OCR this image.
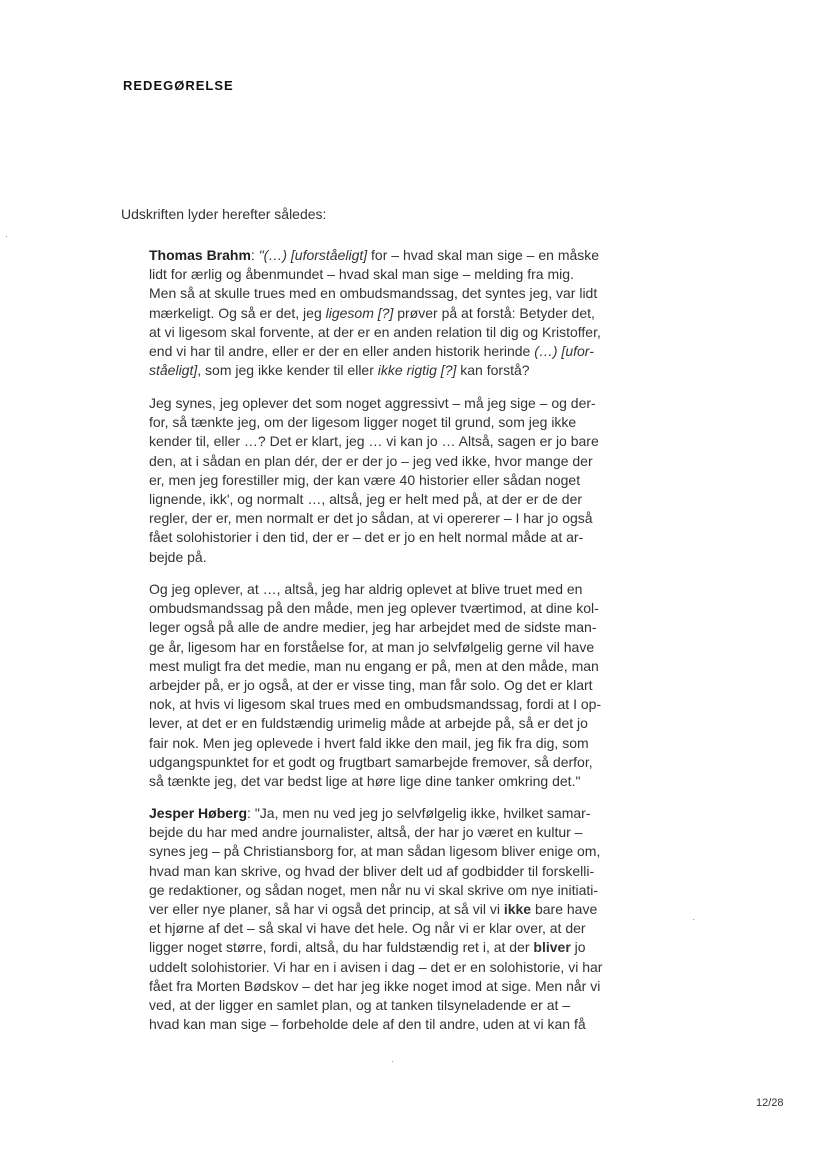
REDEGØRELSE
Udskriften lyder herefter således:
Thomas Brahm: "(…) [uforståeligt] for – hvad skal man sige – en måske
lidt for ærlig og åbenmundet – hvad skal man sige – melding fra mig.
Men så at skulle trues med en ombudsmandssag, det syntes jeg, var lidt
mærkeligt. Og så er det, jeg ligesom [?] prøver på at forstå: Betyder det,
at vi ligesom skal forvente, at der er en anden relation til dig og Kristoffer,
end vi har til andre, eller er der en eller anden historik herinde (…) [ufor-
ståeligt], som jeg ikke kender til eller ikke rigtig [?] kan forstå?
Jeg synes, jeg oplever det som noget aggressivt – må jeg sige – og der-
for, så tænkte jeg, om der ligesom ligger noget til grund, som jeg ikke
kender til, eller …? Det er klart, jeg … vi kan jo … Altså, sagen er jo bare
den, at i sådan en plan dér, der er der jo – jeg ved ikke, hvor mange der
er, men jeg forestiller mig, der kan være 40 historier eller sådan noget
lignende, ikk', og normalt …, altså, jeg er helt med på, at der er de der
regler, der er, men normalt er det jo sådan, at vi opererer – I har jo også
fået solohistorier i den tid, der er – det er jo en helt normal måde at ar-
bejde på.
Og jeg oplever, at …, altså, jeg har aldrig oplevet at blive truet med en
ombudsmandssag på den måde, men jeg oplever tværtimod, at dine kol-
leger også på alle de andre medier, jeg har arbejdet med de sidste man-
ge år, ligesom har en forståelse for, at man jo selvfølgelig gerne vil have
mest muligt fra det medie, man nu engang er på, men at den måde, man
arbejder på, er jo også, at der er visse ting, man får solo. Og det er klart
nok, at hvis vi ligesom skal trues med en ombudsmandssag, fordi at I op-
lever, at det er en fuldstændig urimelig måde at arbejde på, så er det jo
fair nok. Men jeg oplevede i hvert fald ikke den mail, jeg fik fra dig, som
udgangspunktet for et godt og frugtbart samarbejde fremover, så derfor,
så tænkte jeg, det var bedst lige at høre lige dine tanker omkring det."
Jesper Høberg: "Ja, men nu ved jeg jo selvfølgelig ikke, hvilket samar-
bejde du har med andre journalister, altså, der har jo været en kultur –
synes jeg – på Christiansborg for, at man sådan ligesom bliver enige om,
hvad man kan skrive, og hvad der bliver delt ud af godbidder til forskelli-
ge redaktioner, og sådan noget, men når nu vi skal skrive om nye initiati-
ver eller nye planer, så har vi også det princip, at så vil vi ikke bare have
et hjørne af det – så skal vi have det hele. Og når vi er klar over, at der
ligger noget større, fordi, altså, du har fuldstændig ret i, at der bliver jo
uddelt solohistorier. Vi har en i avisen i dag – det er en solohistorie, vi har
fået fra Morten Bødskov – det har jeg ikke noget imod at sige. Men når vi
ved, at der ligger en samlet plan, og at tanken tilsyneladende er at –
hvad kan man sige – forbeholde dele af den til andre, uden at vi kan få
12/28
